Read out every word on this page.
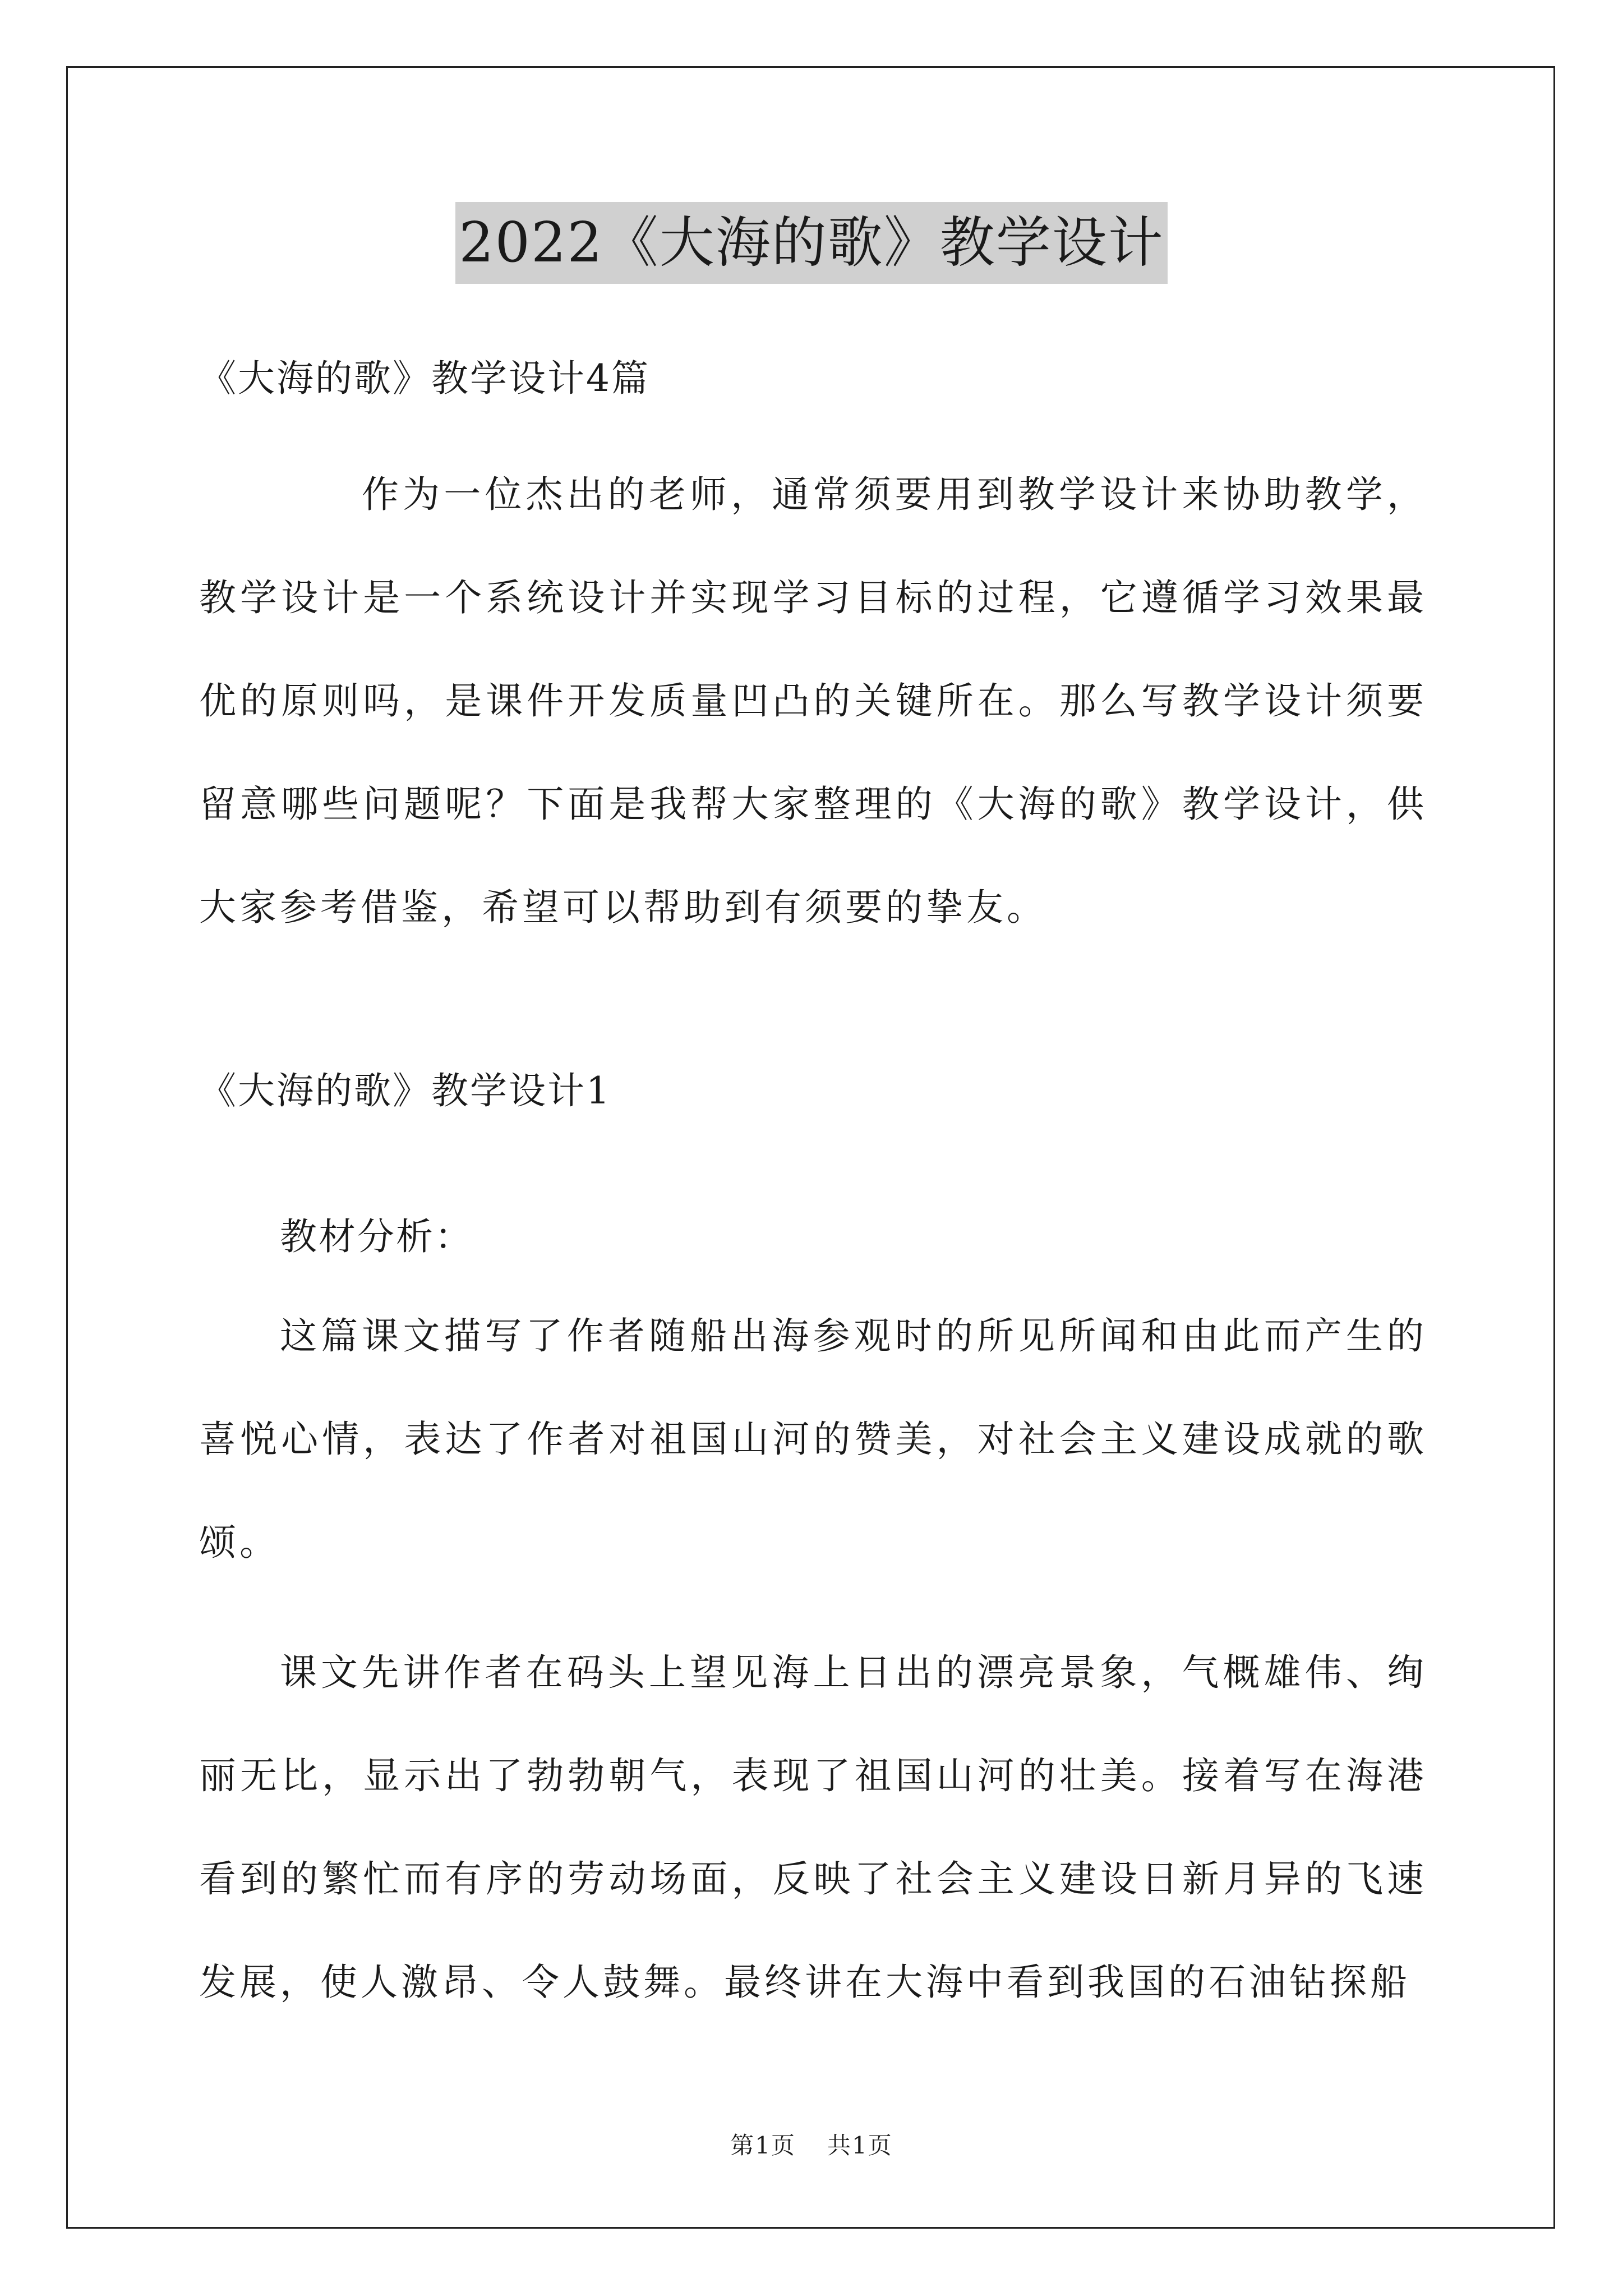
2022《大海的歌》教学设计
《大海的歌》教学设计4篇
作为一位杰出的老师，通常须要用到教学设计来协助教学，教学设计是一个系统设计并实现学习目标的过程，它遵循学习效果最优的原则吗，是课件开发质量凹凸的关键所在。那么写教学设计须要留意哪些问题呢？下面是我帮大家整理的《大海的歌》教学设计，供大家参考借鉴，希望可以帮助到有须要的挚友。
《大海的歌》教学设计1
教材分析：
这篇课文描写了作者随船出海参观时的所见所闻和由此而产生的喜悦心情，表达了作者对祖国山河的赞美，对社会主义建设成就的歌颂。
课文先讲作者在码头上望见海上日出的漂亮景象，气概雄伟、绚丽无比，显示出了勃勃朝气，表现了祖国山河的壮美。接着写在海港看到的繁忙而有序的劳动场面，反映了社会主义建设日新月异的飞速发展，使人激昂、令人鼓舞。最终讲在大海中看到我国的石油钻探船
第1页 共1页
